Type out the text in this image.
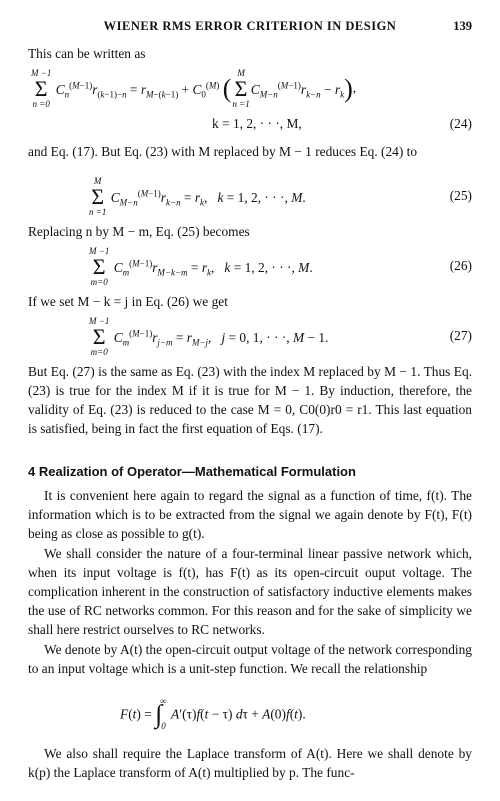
WIENER RMS ERROR CRITERION IN DESIGN	139
This can be written as
M −1
Σ
n =0
$C_n^{(M-1)}r_{(k-1)-n} = r_{M-(k-1)} + C_0^{(M)}$ (
M
Σ
n =1
$C_{M-n}^{(M-1)}r_{k-n} - r_k$),
k = 1, 2, · · ·, M,	(24)
and Eq. (17). But Eq. (23) with M replaced by M − 1 reduces Eq. (24) to
M
Σ
n =1
$C_{M-n}^{(M-1)}r_{k-n} = r_k$,   k = 1, 2, · · ·, M.	(25)
Replacing n by M − m, Eq. (25) becomes
M −1
Σ
m=0
$C_m^{(M-1)}r_{M-k-m} = r_k$,   k = 1, 2, · · ·, M.	(26)
If we set M − k = j in Eq. (26) we get
M −1
Σ
m=0
$C_m^{(M-1)}r_{j-m} = r_{M-j}$,   j = 0, 1, · · ·, M − 1.	(27)
But Eq. (27) is the same as Eq. (23) with the index M replaced by M − 1. Thus Eq. (23) is true for the index M if it is true for M − 1. By induction, therefore, the validity of Eq. (23) is reduced to the case M = 0, C0(0)r0 = r1. This last equation is satisfied, being in fact the first equation of Eqs. (17).
4 Realization of Operator—Mathematical Formulation
It is convenient here again to regard the signal as a function of time, f(t). The information which is to be extracted from the signal we again denote by F(t), F(t) being as close as possible to g(t).
We shall consider the nature of a four-terminal linear passive network which, when its input voltage is f(t), has F(t) as its open-circuit ouput voltage. The complication inherent in the construction of satisfactory inductive elements makes the use of RC networks common. For this reason and for the sake of simplicity we shall here restrict ourselves to RC networks.
We denote by A(t) the open-circuit output voltage of the network corresponding to an input voltage which is a unit-step function. We recall the relationship
F(t) = ∫
∞

0
A′(τ)f(t − τ) dτ + A(0)f(t).
We also shall require the Laplace transform of A(t). Here we shall denote by k(p) the Laplace transform of A(t) multiplied by p. The func-
